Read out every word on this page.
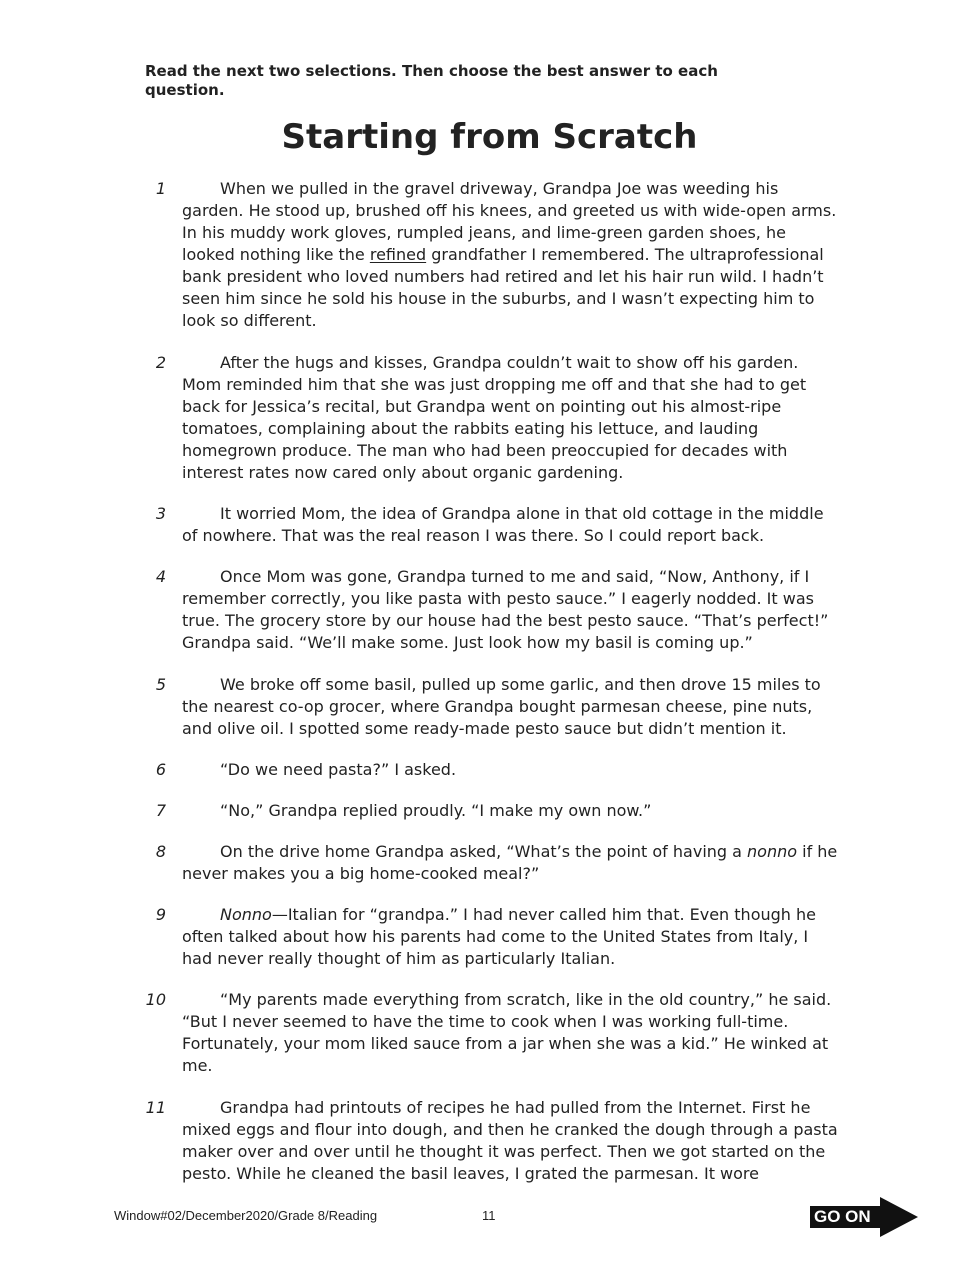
Read the next two selections. Then choose the best answer to each question.

Starting from Scratch
1	When we pulled in the gravel driveway, Grandpa Joe was weeding his garden. He stood up, brushed off his knees, and greeted us with wide-open arms. In his muddy work gloves, rumpled jeans, and lime-green garden shoes, he looked nothing like the refined grandfather I remembered. The ultraprofessional bank president who loved numbers had retired and let his hair run wild. I hadn’t seen him since he sold his house in the suburbs, and I wasn’t expecting him to look so different.
2	After the hugs and kisses, Grandpa couldn’t wait to show off his garden. Mom reminded him that she was just dropping me off and that she had to get back for Jessica’s recital, but Grandpa went on pointing out his almost-ripe tomatoes, complaining about the rabbits eating his lettuce, and lauding homegrown produce. The man who had been preoccupied for decades with interest rates now cared only about organic gardening.
3	It worried Mom, the idea of Grandpa alone in that old cottage in the middle of nowhere. That was the real reason I was there. So I could report back.
4	Once Mom was gone, Grandpa turned to me and said, “Now, Anthony, if I remember correctly, you like pasta with pesto sauce.” I eagerly nodded. It was true. The grocery store by our house had the best pesto sauce. “That’s perfect!” Grandpa said. “We’ll make some. Just look how my basil is coming up.”
5	We broke off some basil, pulled up some garlic, and then drove 15 miles to the nearest co-op grocer, where Grandpa bought parmesan cheese, pine nuts, and olive oil. I spotted some ready-made pesto sauce but didn’t mention it.
6	“Do we need pasta?” I asked.
7	“No,” Grandpa replied proudly. “I make my own now.”
8	On the drive home Grandpa asked, “What’s the point of having a nonno if he never makes you a big home-cooked meal?”
9	Nonno—Italian for “grandpa.” I had never called him that. Even though he often talked about how his parents had come to the United States from Italy, I had never really thought of him as particularly Italian.
10	“My parents made everything from scratch, like in the old country,” he said. “But I never seemed to have the time to cook when I was working full-time. Fortunately, your mom liked sauce from a jar when she was a kid.” He winked at me.
11	Grandpa had printouts of recipes he had pulled from the Internet. First he mixed eggs and flour into dough, and then he cranked the dough through a pasta maker over and over until he thought it was perfect. Then we got started on the pesto. While he cleaned the basil leaves, I grated the parmesan. It wore
Window#02/December2020/Grade 8/Reading	11	GO ON
